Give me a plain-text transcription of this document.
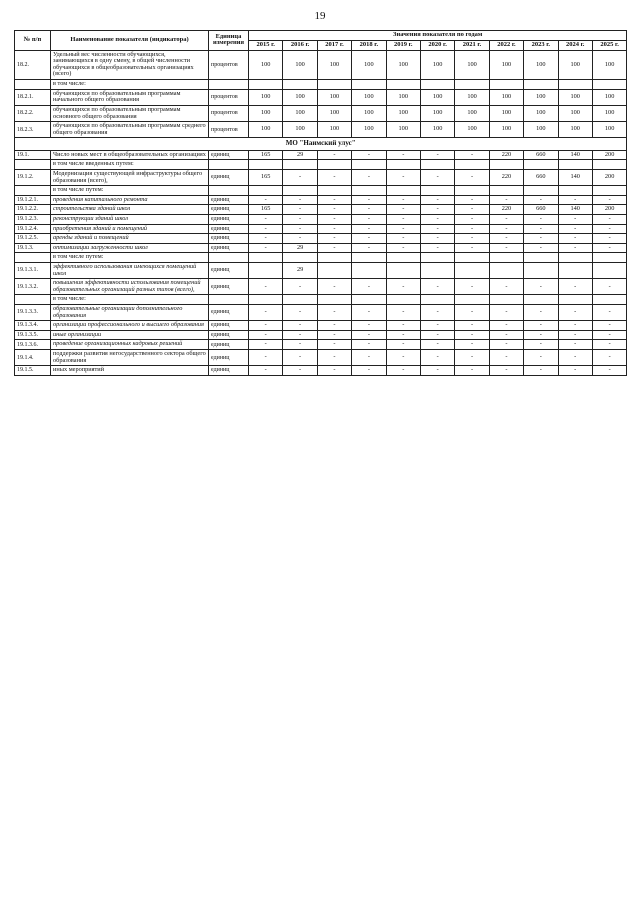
19
№ п/п	Наименование показателя (индикатора)	Единица измерения	Значения показателя по годам										
			2015 г.	2016 г.	2017 г.	2018 г.	2019 г.	2020 г.	2021 г.	2022 г.	2023 г.	2024 г.	2025 г.
18.2.	Удельный вес численности обучающихся, занимающихся в одну смену, в общей численности обучающихся в общеобразовательных организациях (всего)	процентов	100	100	100	100	100	100	100	100	100	100	100
	в том числе:												
18.2.1.	обучающихся по образовательным программам начального общего образования	процентов	100	100	100	100	100	100	100	100	100	100	100
18.2.2.	обучающихся по образовательным программам основного общего образования	процентов	100	100	100	100	100	100	100	100	100	100	100
18.2.3.	обучающихся по образовательным программам среднего общего образования	процентов	100	100	100	100	100	100	100	100	100	100	100
МО "Наимский улус"													
19.1.	Число новых мест в общеобразовательных организациях	единиц	165	29	-	-	-	-	-	220	660	140	200
	в том числе введенных путем:												
19.1.2.	Модернизация существующей инфраструктуры общего образования (всего),	единиц	165	-	-	-	-	-	-	220	660	140	200
	в том числе путем:												
19.1.2.1.	проведения капитального ремонта	единиц	-	-	-	-	-	-	-	-	-	-	-
19.1.2.2.	строительства зданий школ	единиц	165	-	-	-	-	-	-	220	660	140	200
19.1.2.3.	реконструкции зданий школ	единиц	-	-	-	-	-	-	-	-	-	-	-
19.1.2.4.	приобретения зданий и помещений	единиц	-	-	-	-	-	-	-	-	-	-	-
19.1.2.5.	аренды зданий и помещений	единиц	-	-	-	-	-	-	-	-	-	-	-
19.1.3.	оптимизации загруженности школ	единиц	-	29	-	-	-	-	-	-	-	-	-
	в том числе путем:												
19.1.3.1.	эффективного использования имеющихся помещений школ	единиц		29									
19.1.3.2.	повышения эффективности использования помещений образовательных организаций разных типов (всего),	единиц	-	-	-	-	-	-	-	-	-	-	-
	в том числе:												
19.1.3.3.	образовательные организации дополнительного образования	единиц	-	-	-	-	-	-	-	-	-	-	-
19.1.3.4.	организации профессионального и высшего образования	единиц	-	-	-	-	-	-	-	-	-	-	-
19.1.3.5.	иные организации	единиц	-	-	-	-	-	-	-	-	-	-	-
19.1.3.6.	проведение организационных кадровых решений	единиц	-	-	-	-	-	-	-	-	-	-	-
19.1.4.	поддержки развития негосударственного сектора общего образования	единиц	-	-	-	-	-	-	-	-	-	-	-
19.1.5.	иных мероприятий	единиц	-	-	-	-	-	-	-	-	-	-	-
